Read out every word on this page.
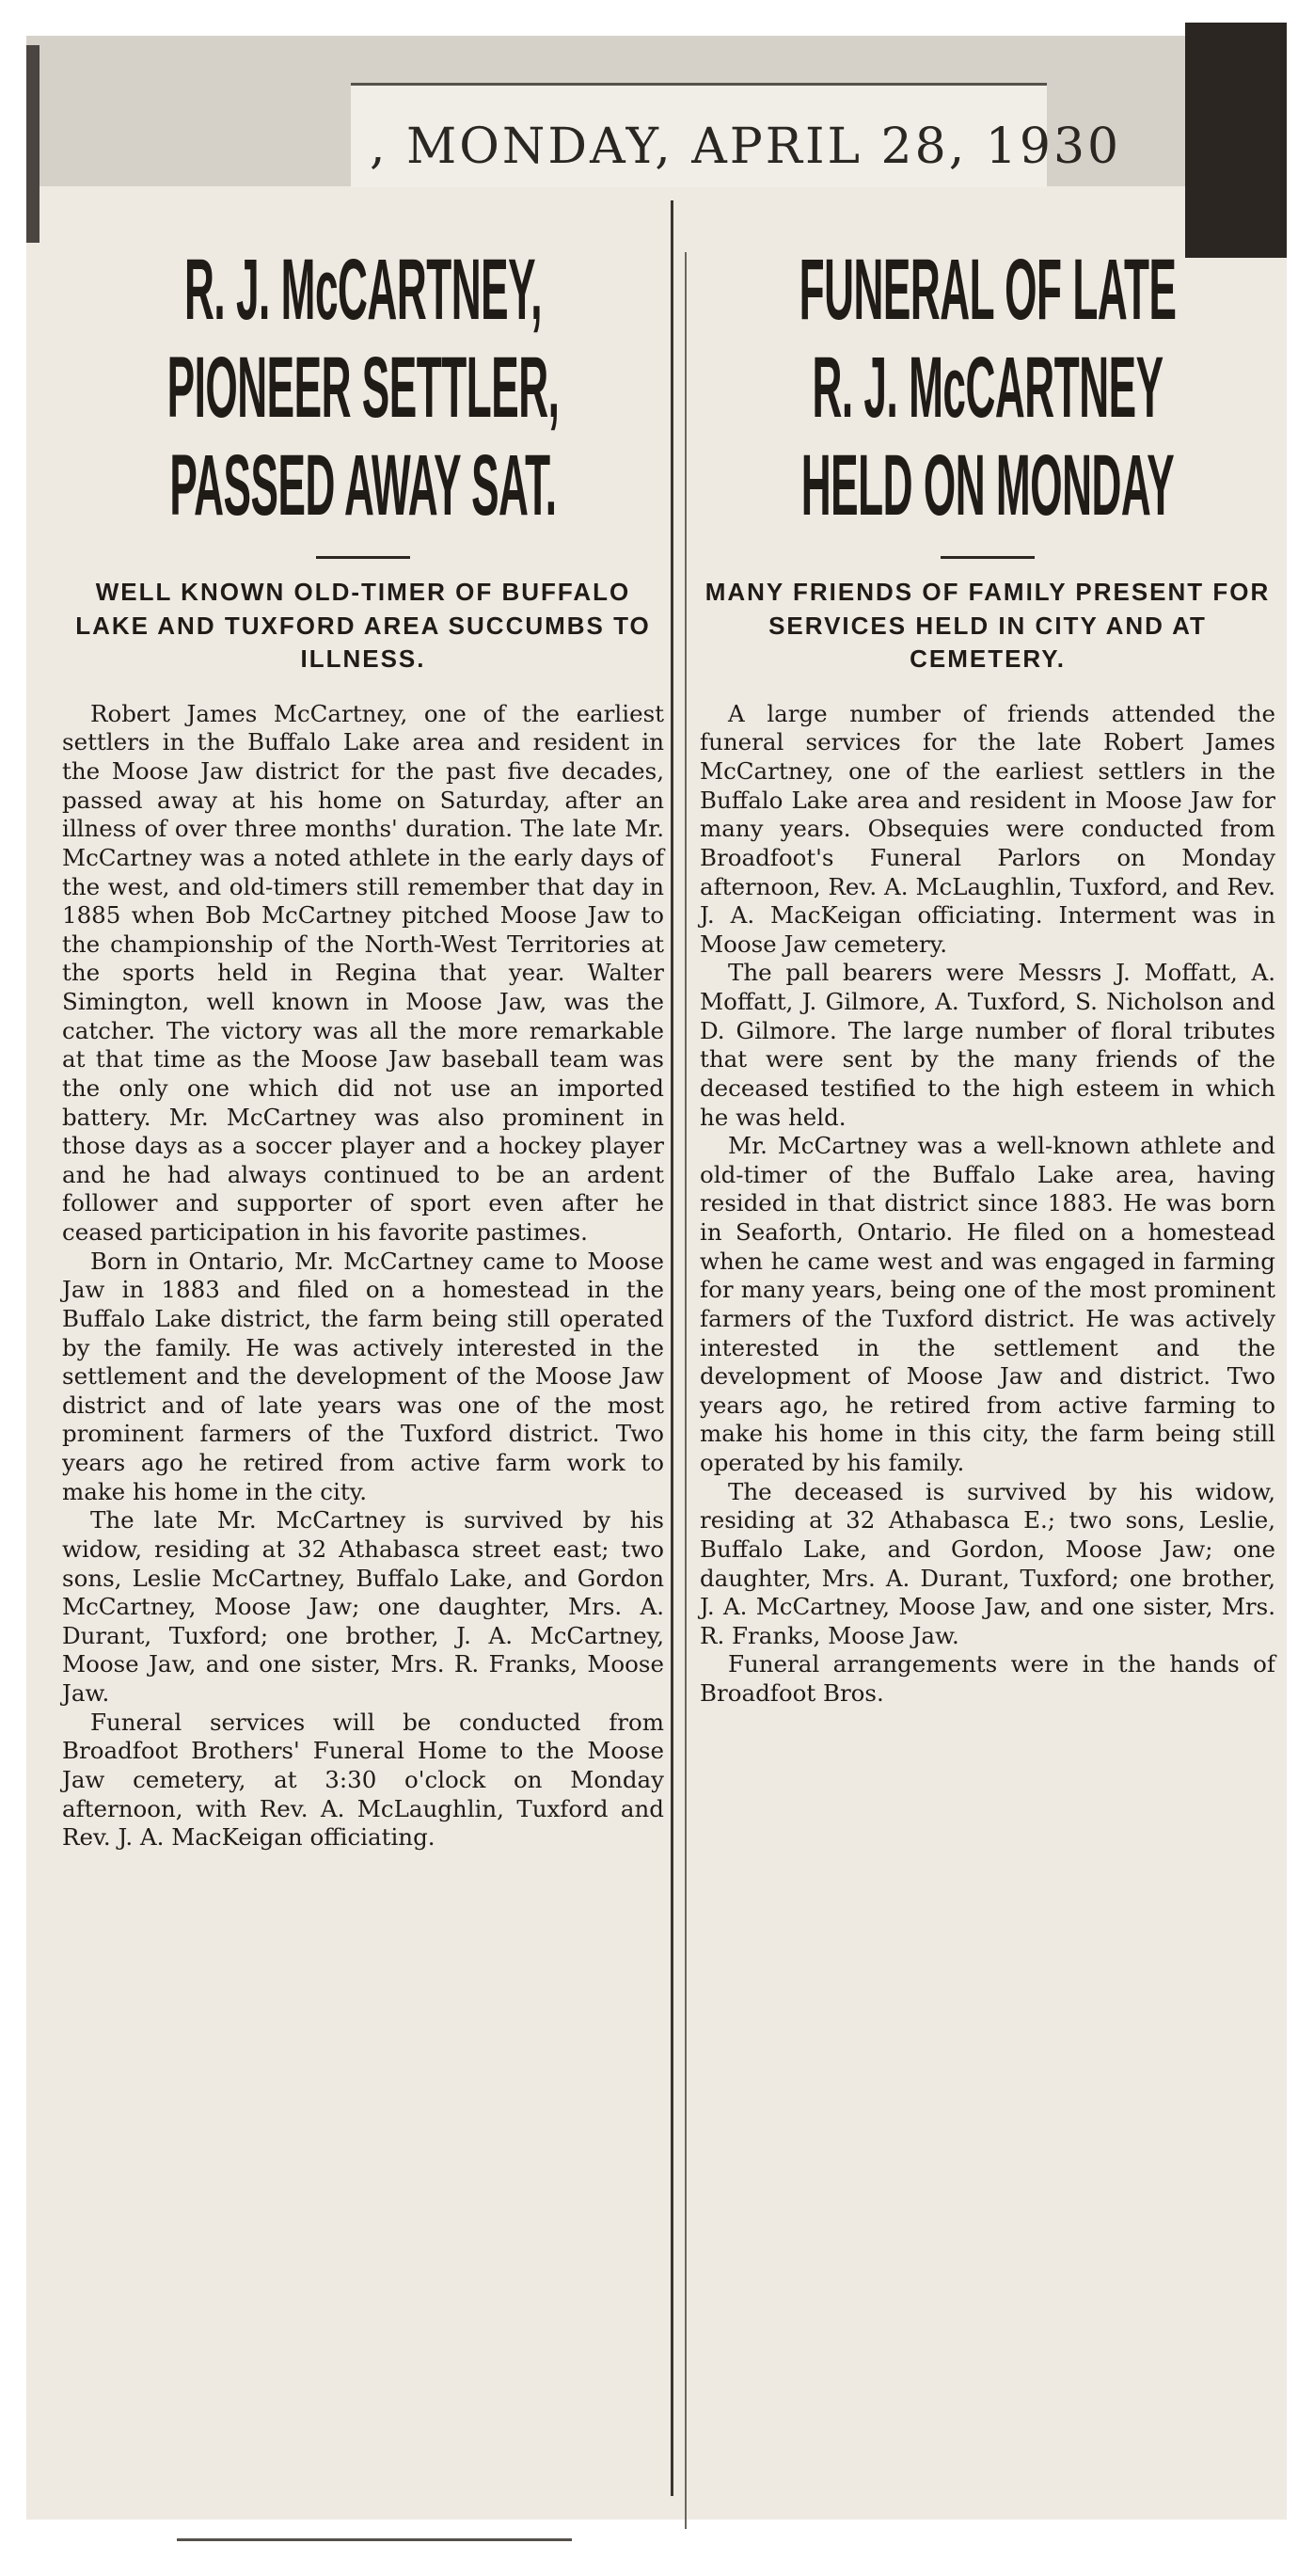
, MONDAY, APRIL 28, 1930
R. J. McCARTNEY,
PIONEER SETTLER,
PASSED AWAY SAT.

WELL KNOWN OLD-TIMER OF BUFFALO LAKE AND TUXFORD AREA SUCCUMBS TO ILLNESS.

Robert James McCartney, one of the earliest settlers in the Buffalo Lake area and resident in the Moose Jaw district for the past five decades, passed away at his home on Saturday, after an illness of over three months' duration. The late Mr. McCartney was a noted athlete in the early days of the west, and old-timers still remember that day in 1885 when Bob McCartney pitched Moose Jaw to the championship of the North-West Territories at the sports held in Regina that year. Walter Simington, well known in Moose Jaw, was the catcher. The victory was all the more remarkable at that time as the Moose Jaw baseball team was the only one which did not use an imported battery. Mr. McCartney was also prominent in those days as a soccer player and a hockey player and he had always continued to be an ardent follower and supporter of sport even after he ceased participation in his favorite pastimes.

Born in Ontario, Mr. McCartney came to Moose Jaw in 1883 and filed on a homestead in the Buffalo Lake district, the farm being still operated by the family. He was actively interested in the settlement and the development of the Moose Jaw district and of late years was one of the most prominent farmers of the Tuxford district. Two years ago he retired from active farm work to make his home in the city.

The late Mr. McCartney is survived by his widow, residing at 32 Athabasca street east; two sons, Leslie McCartney, Buffalo Lake, and Gordon McCartney, Moose Jaw; one daughter, Mrs. A. Durant, Tuxford; one brother, J. A. McCartney, Moose Jaw, and one sister, Mrs. R. Franks, Moose Jaw.

Funeral services will be conducted from Broadfoot Brothers' Funeral Home to the Moose Jaw cemetery, at 3:30 o'clock on Monday afternoon, with Rev. A. McLaughlin, Tuxford and Rev. J. A. MacKeigan officiating.

FUNERAL OF LATE
R. J. McCARTNEY
HELD ON MONDAY

MANY FRIENDS OF FAMILY PRESENT FOR SERVICES HELD IN CITY AND AT CEMETERY.

A large number of friends attended the funeral services for the late Robert James McCartney, one of the earliest settlers in the Buffalo Lake area and resident in Moose Jaw for many years. Obsequies were conducted from Broadfoot's Funeral Parlors on Monday afternoon, Rev. A. McLaughlin, Tuxford, and Rev. J. A. MacKeigan officiating. Interment was in Moose Jaw cemetery.

The pall bearers were Messrs J. Moffatt, A. Moffatt, J. Gilmore, A. Tuxford, S. Nicholson and D. Gilmore. The large number of floral tributes that were sent by the many friends of the deceased testified to the high esteem in which he was held.

Mr. McCartney was a well-known athlete and old-timer of the Buffalo Lake area, having resided in that district since 1883. He was born in Seaforth, Ontario. He filed on a homestead when he came west and was engaged in farming for many years, being one of the most prominent farmers of the Tuxford district. He was actively interested in the settlement and the development of Moose Jaw and district. Two years ago, he retired from active farming to make his home in this city, the farm being still operated by his family.

The deceased is survived by his widow, residing at 32 Athabasca E.; two sons, Leslie, Buffalo Lake, and Gordon, Moose Jaw; one daughter, Mrs. A. Durant, Tuxford; one brother, J. A. McCartney, Moose Jaw, and one sister, Mrs. R. Franks, Moose Jaw.

Funeral arrangements were in the hands of Broadfoot Bros.
